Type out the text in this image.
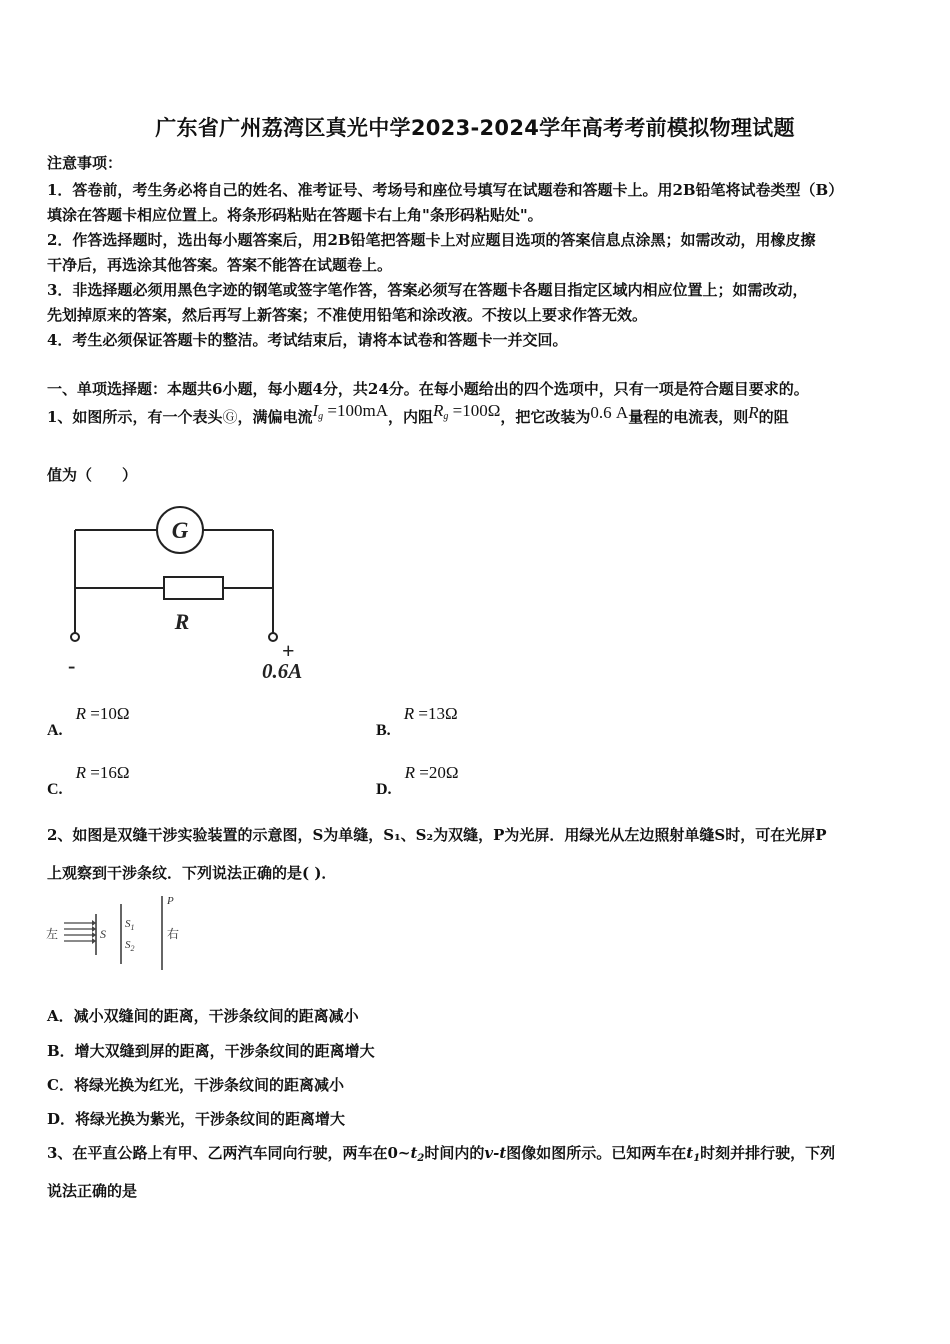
广东省广州荔湾区真光中学2023-2024学年高考考前模拟物理试题
注意事项：
1．答卷前，考生务必将自己的姓名、准考证号、考场号和座位号填写在试题卷和答题卡上。用2B铅笔将试卷类型（B）
填涂在答题卡相应位置上。将条形码粘贴在答题卡右上角"条形码粘贴处"。
2．作答选择题时，选出每小题答案后，用2B铅笔把答题卡上对应题目选项的答案信息点涂黑；如需改动，用橡皮擦
干净后，再选涂其他答案。答案不能答在试题卷上。
3．非选择题必须用黑色字迹的钢笔或签字笔作答，答案必须写在答题卡各题目指定区域内相应位置上；如需改动，
先划掉原来的答案，然后再写上新答案；不准使用铅笔和涂改液。不按以上要求作答无效。
4．考生必须保证答题卡的整洁。考试结束后，请将本试卷和答题卡一并交回。
一、单项选择题：本题共6小题，每小题4分，共24分。在每小题给出的四个选项中，只有一项是符合题目要求的。
1、如图所示，有一个表头Ⓖ，满偏电流$I_g =100mA$，内阻$R_g =100\Omega$，把它改装为0.6 A量程的电流表，则R的阻
值为（　　）
G
R
-
+
0.6A
A. R =10Ω
B. R =13Ω
C. R =16Ω
D. R =20Ω
2、如图是双缝干涉实验装置的示意图，S为单缝，S₁、S₂为双缝，P为光屏．用绿光从左边照射单缝S时，可在光屏P
上观察到干涉条纹．下列说法正确的是( )．
左	S
$S_1$
$S_2$
P
右
A．减小双缝间的距离，干涉条纹间的距离减小
B．增大双缝到屏的距离，干涉条纹间的距离增大
C．将绿光换为红光，干涉条纹间的距离减小
D．将绿光换为紫光，干涉条纹间的距离增大
3、在平直公路上有甲、乙两汽车同向行驶，两车在$0\sim t_2$时间内的v-t图像如图所示。已知两车在$t_1$时刻并排行驶，下列
说法正确的是
